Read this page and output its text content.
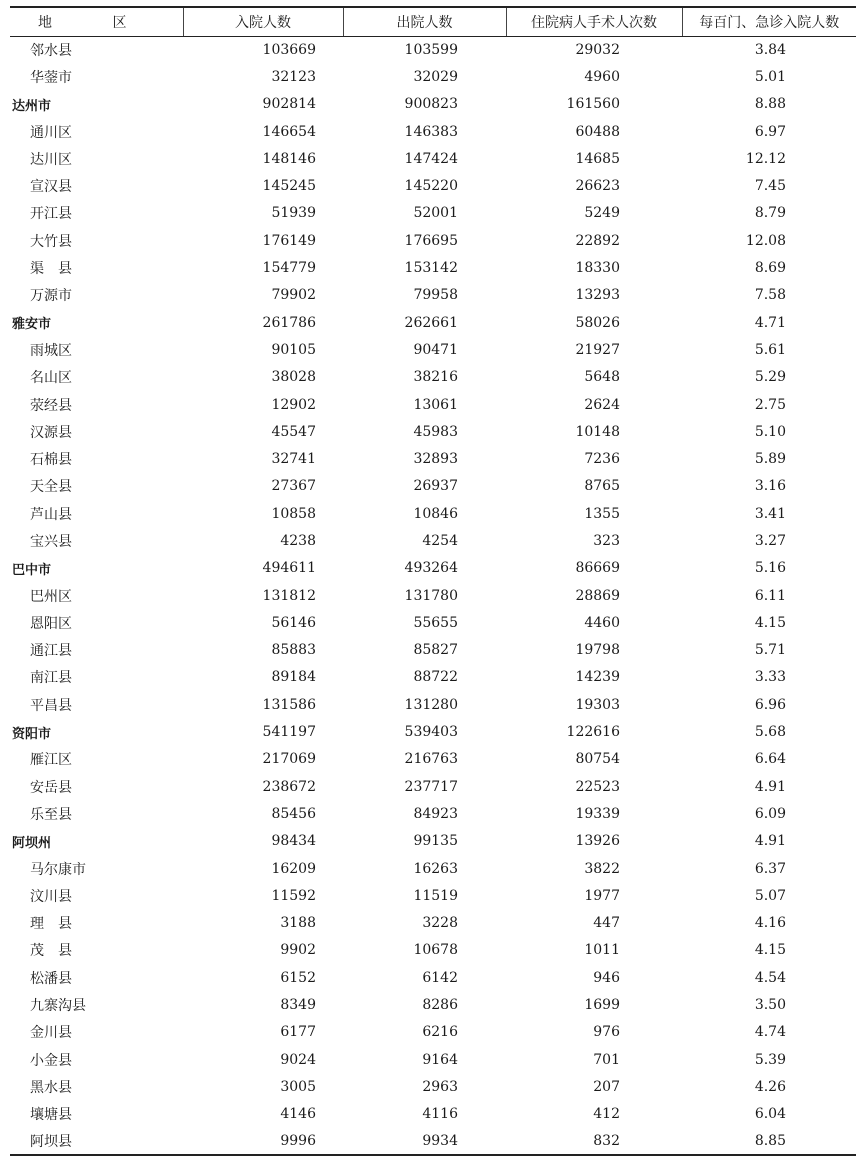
地 区	入院人数	出院人数	住院病人手术人次数	每百门、急诊入院人数
邻水县	103669	103599	29032	3.84
华蓥市	32123	32029	4960	5.01
达州市	902814	900823	161560	8.88
通川区	146654	146383	60488	6.97
达川区	148146	147424	14685	12.12
宣汉县	145245	145220	26623	7.45
开江县	51939	52001	5249	8.79
大竹县	176149	176695	22892	12.08
渠　县	154779	153142	18330	8.69
万源市	79902	79958	13293	7.58
雅安市	261786	262661	58026	4.71
雨城区	90105	90471	21927	5.61
名山区	38028	38216	5648	5.29
荥经县	12902	13061	2624	2.75
汉源县	45547	45983	10148	5.10
石棉县	32741	32893	7236	5.89
天全县	27367	26937	8765	3.16
芦山县	10858	10846	1355	3.41
宝兴县	4238	4254	323	3.27
巴中市	494611	493264	86669	5.16
巴州区	131812	131780	28869	6.11
恩阳区	56146	55655	4460	4.15
通江县	85883	85827	19798	5.71
南江县	89184	88722	14239	3.33
平昌县	131586	131280	19303	6.96
资阳市	541197	539403	122616	5.68
雁江区	217069	216763	80754	6.64
安岳县	238672	237717	22523	4.91
乐至县	85456	84923	19339	6.09
阿坝州	98434	99135	13926	4.91
马尔康市	16209	16263	3822	6.37
汶川县	11592	11519	1977	5.07
理　县	3188	3228	447	4.16
茂　县	9902	10678	1011	4.15
松潘县	6152	6142	946	4.54
九寨沟县	8349	8286	1699	3.50
金川县	6177	6216	976	4.74
小金县	9024	9164	701	5.39
黑水县	3005	2963	207	4.26
壤塘县	4146	4116	412	6.04
阿坝县	9996	9934	832	8.85
